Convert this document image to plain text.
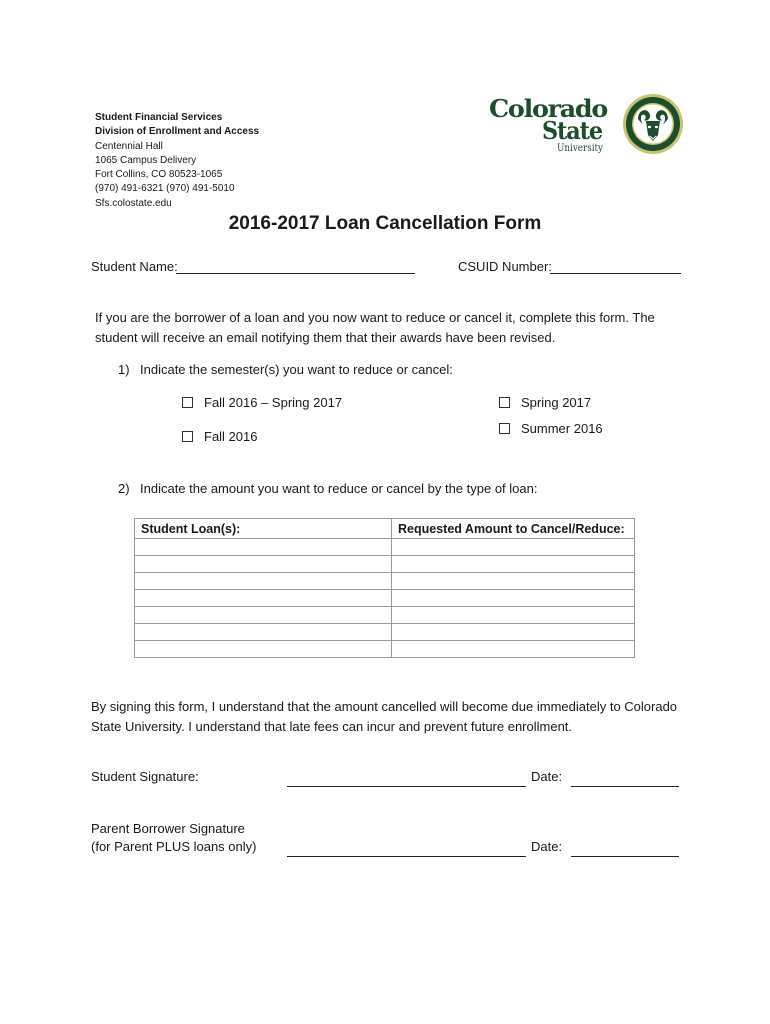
Student Financial Services
Division of Enrollment and Access
Centennial Hall
1065 Campus Delivery
Fort Collins, CO 80523-1065
(970) 491-6321 (970) 491-5010
Sfs.colostate.edu
Colorado
State
University
2016-2017 Loan Cancellation Form
Student Name:	CSUID Number:
If you are the borrower of a loan and you now want to reduce or cancel it, complete this form. The student will receive an email notifying them that their awards have been revised.
1) Indicate the semester(s) you want to reduce or cancel:
Fall 2016 – Spring 2017
Fall 2016
Spring 2017
Summer 2016
2) Indicate the amount you want to reduce or cancel by the type of loan:
Student Loan(s):	Requested Amount to Cancel/Reduce:

By signing this form, I understand that the amount cancelled will become due immediately to Colorado State University. I understand that late fees can incur and prevent future enrollment.
Student Signature:	Date:
Parent Borrower Signature
(for Parent PLUS loans only)	Date:
